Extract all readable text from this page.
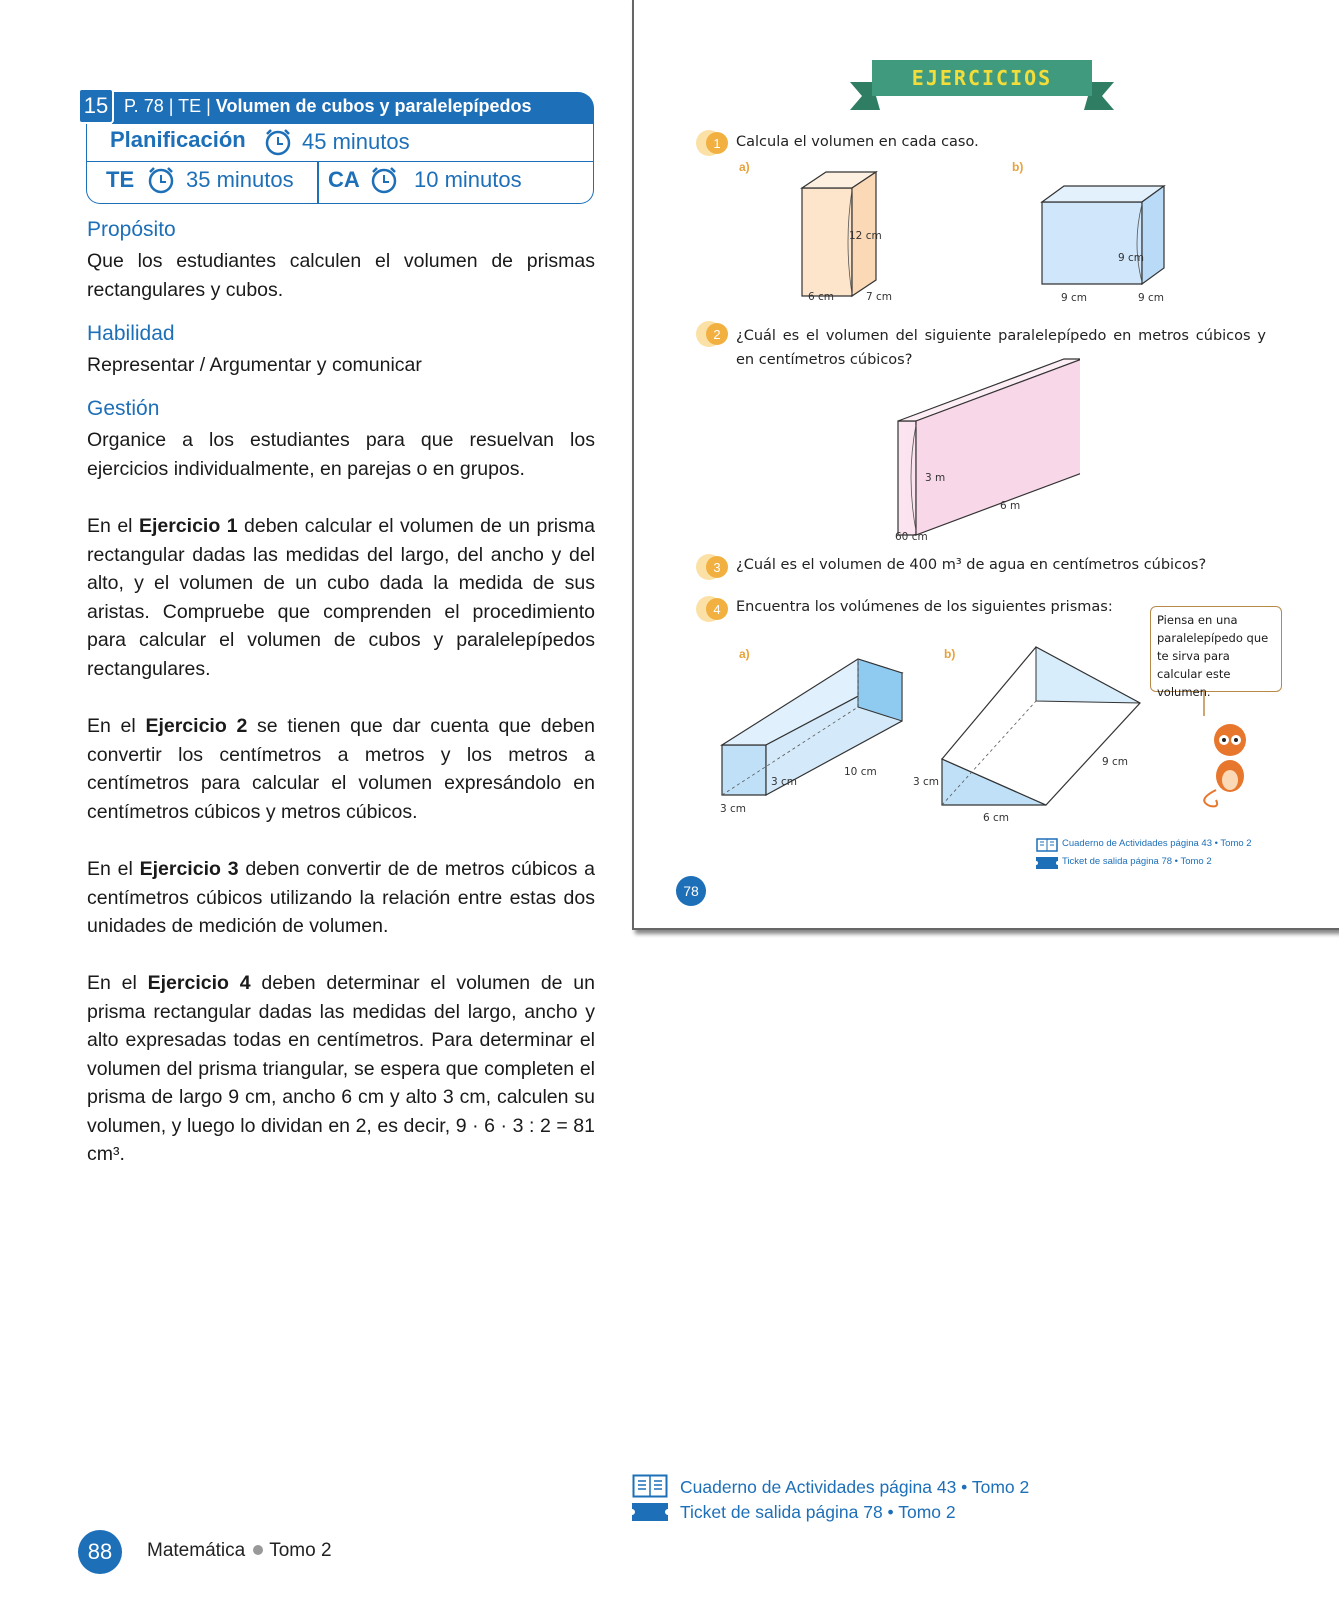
15 P. 78 | TE | Volumen de cubos y paralelepípedos
Planificación	45 minutos
TE 35 minutos CA 10 minutos
Propósito
Que los estudiantes calculen el volumen de prismas rectangulares y cubos.
Habilidad
Representar / Argumentar y comunicar
Gestión
Organice a los estudiantes para que resuelvan los ejercicios individualmente, en parejas o en grupos.
En el Ejercicio 1 deben calcular el volumen de un prisma rectangular dadas las medidas del largo, del ancho y del alto, y el volumen de un cubo dada la medida de sus aristas. Compruebe que comprenden el procedimiento para calcular el volumen de cubos y paralelepípedos rectangulares.
En el Ejercicio 2 se tienen que dar cuenta que deben convertir los centímetros a metros y los metros a centímetros para calcular el volumen expresándolo en centímetros cúbicos y metros cúbicos.
En el Ejercicio 3 deben convertir de de metros cúbicos a centímetros cúbicos utilizando la relación entre estas dos unidades de medición de volumen.
En el Ejercicio 4 deben determinar el volumen de un prisma rectangular dadas las medidas del largo, ancho y alto expresadas todas en centímetros. Para determinar el volumen del prisma triangular, se espera que completen el prisma de largo 9 cm, ancho 6 cm y alto 3 cm, calculen su volumen, y luego lo dividan en 2, es decir, 9 · 6 · 3 : 2 = 81 cm³.
EJERCICIOS
1	Calcula el volumen en cada caso.
a)	b)
12 cm
6 cm	7 cm
9 cm
9 cm	9 cm
2	¿Cuál es el volumen del siguiente paralelepípedo en metros cúbicos y en centímetros cúbicos?
3 m
6 m
60 cm
3	¿Cuál es el volumen de 400 m³ de agua en centímetros cúbicos?
4	Encuentra los volúmenes de los siguientes prismas:
a)	b)
3 cm
3 cm
10 cm
3 cm
6 cm
9 cm
Piensa en una paralelepípedo que te sirva para calcular este volumen.
Cuaderno de Actividades página 43 • Tomo 2
Ticket de salida página 78 • Tomo 2
78
Cuaderno de Actividades página 43 • Tomo 2
Ticket de salida página 78 • Tomo 2
88	Matemática Tomo 2
